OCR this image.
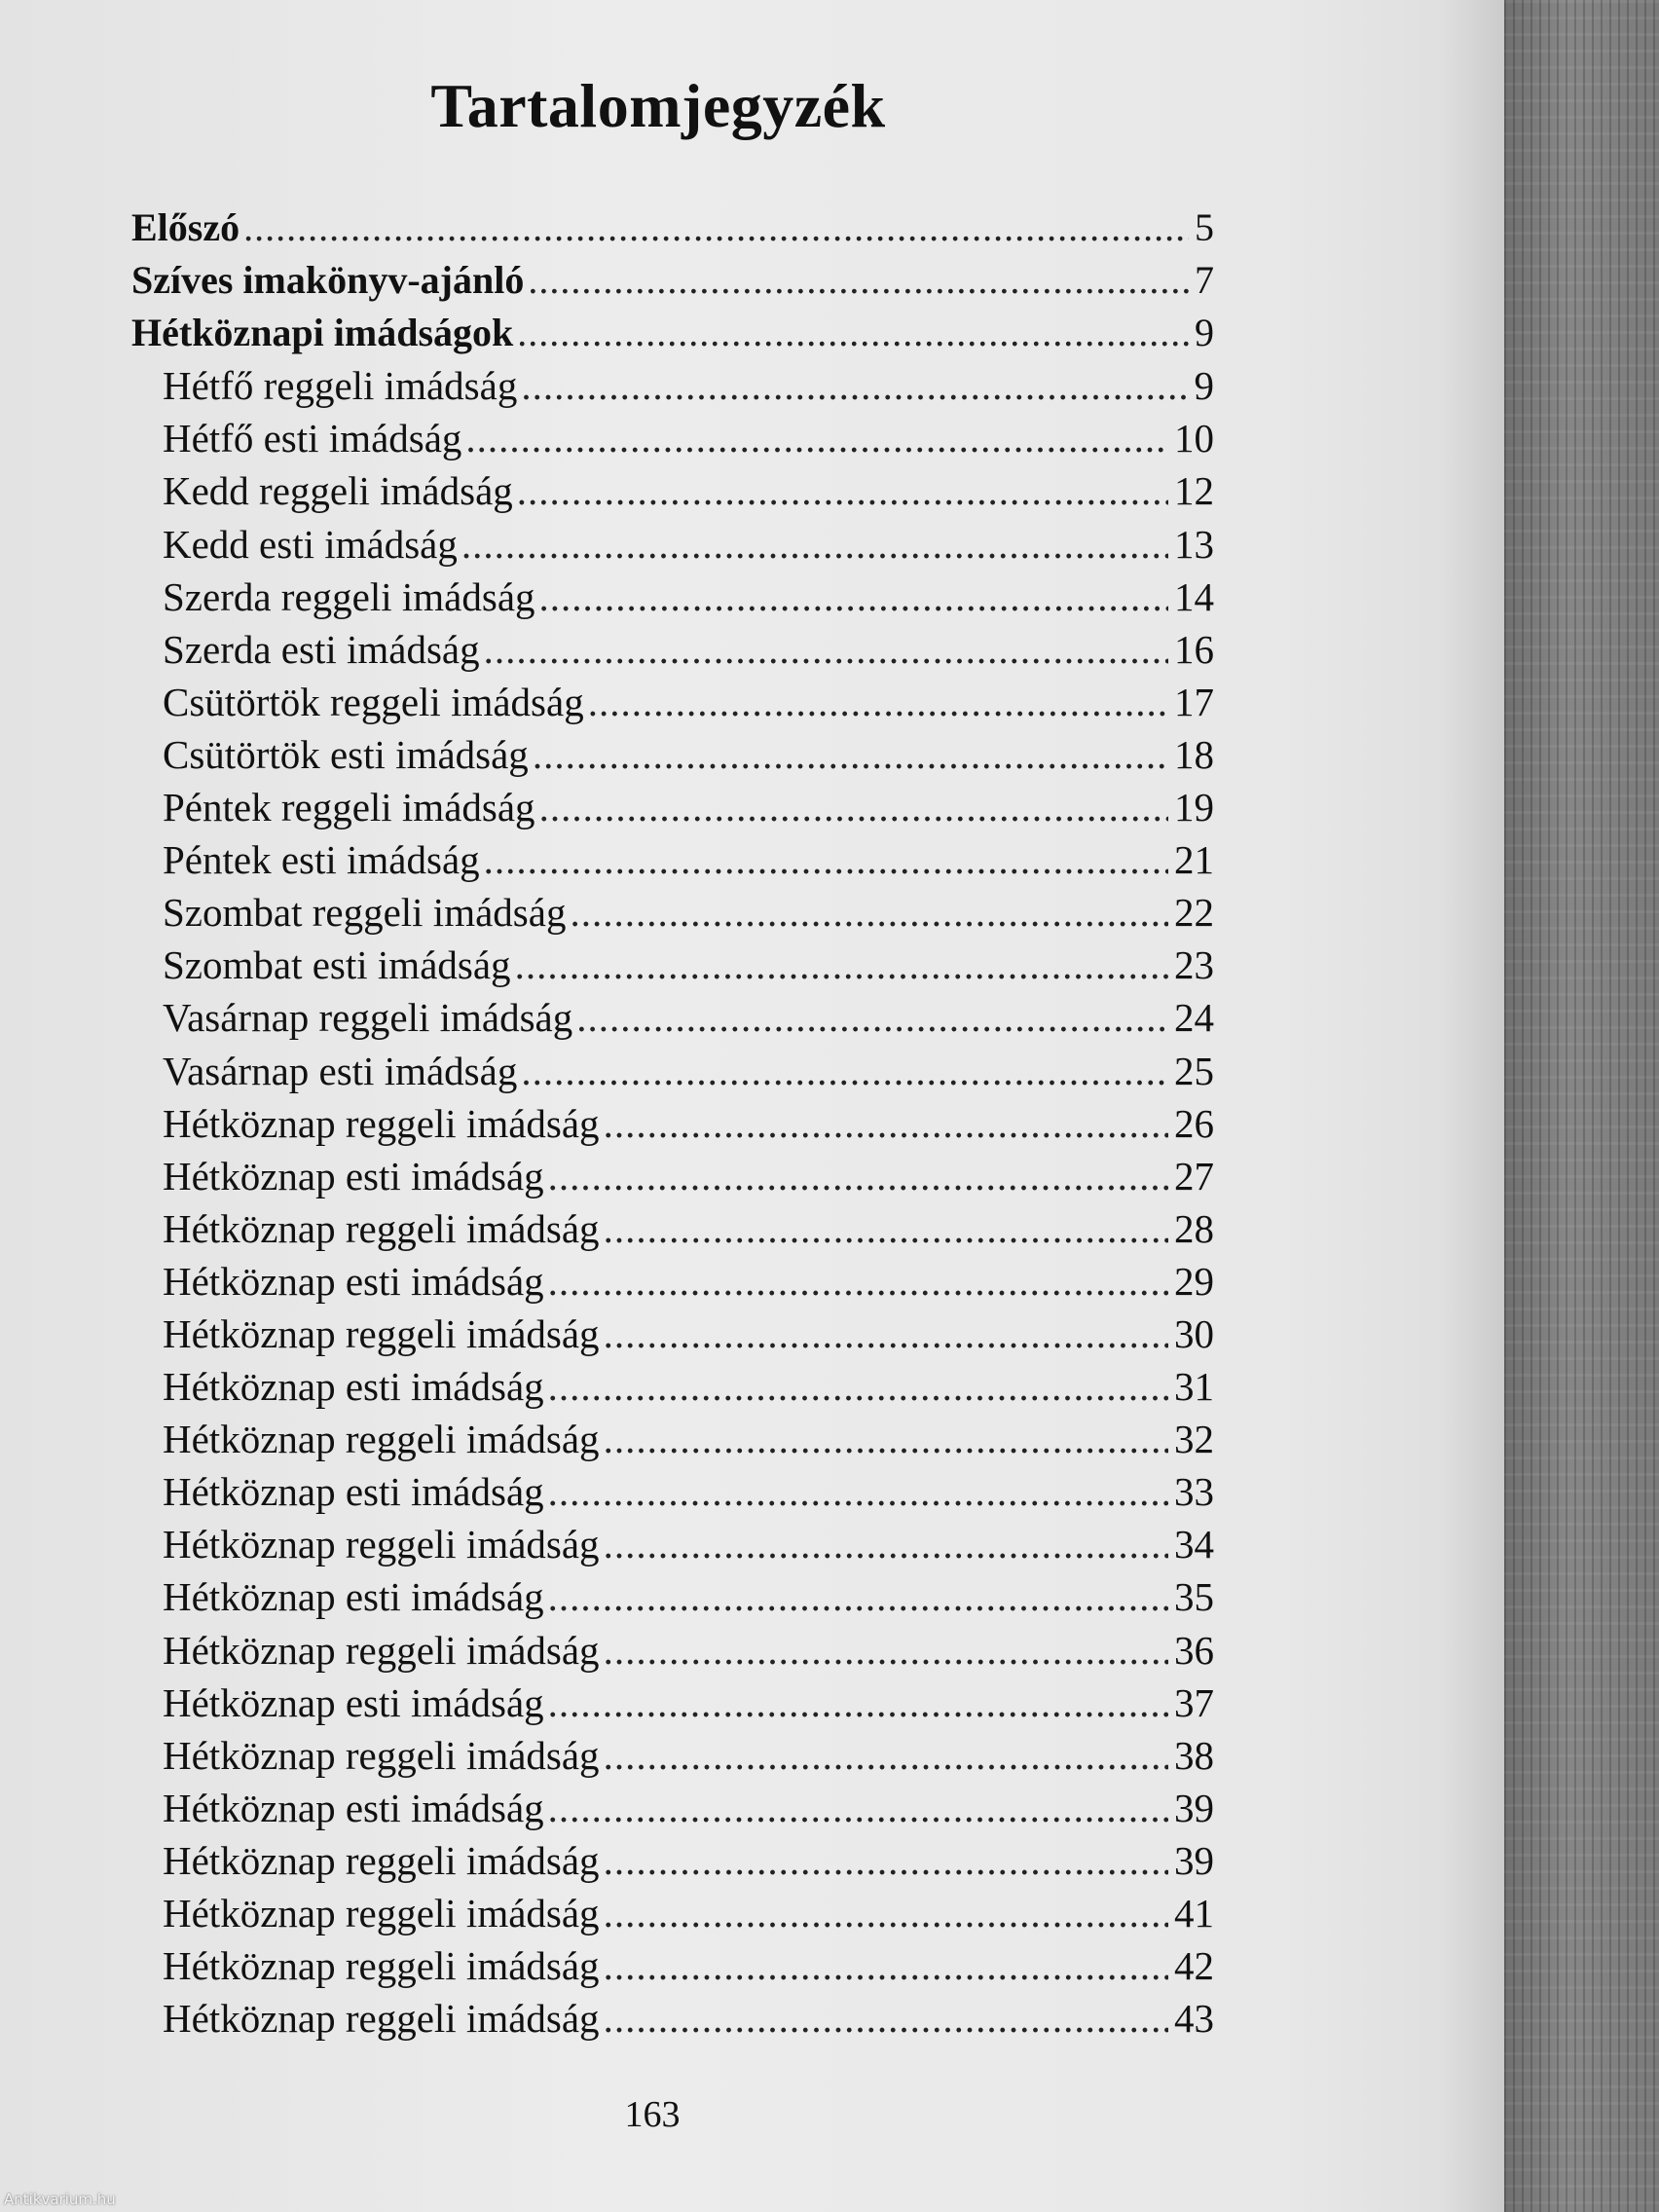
Tartalomjegyzék
Előszó .....	5
Szíves imakönyv-ajánló .....	7
Hétköznapi imádságok .....	9
Hétfő reggeli imádság .....	9
Hétfő esti imádság .....	10
Kedd reggeli imádság .....	12
Kedd esti imádság .....	13
Szerda reggeli imádság .....	14
Szerda esti imádság .....	16
Csütörtök reggeli imádság .....	17
Csütörtök esti imádság .....	18
Péntek reggeli imádság .....	19
Péntek esti imádság .....	21
Szombat reggeli imádság .....	22
Szombat esti imádság .....	23
Vasárnap reggeli imádság .....	24
Vasárnap esti imádság .....	25
Hétköznap reggeli imádság .....	26
Hétköznap esti imádság .....	27
Hétköznap reggeli imádság .....	28
Hétköznap esti imádság .....	29
Hétköznap reggeli imádság .....	30
Hétköznap esti imádság .....	31
Hétköznap reggeli imádság .....	32
Hétköznap esti imádság .....	33
Hétköznap reggeli imádság .....	34
Hétköznap esti imádság .....	35
Hétköznap reggeli imádság .....	36
Hétköznap esti imádság .....	37
Hétköznap reggeli imádság .....	38
Hétköznap esti imádság .....	39
Hétköznap reggeli imádság .....	39
Hétköznap reggeli imádság .....	41
Hétköznap reggeli imádság .....	42
Hétköznap reggeli imádság .....	43
163
Antikvarium.hu
